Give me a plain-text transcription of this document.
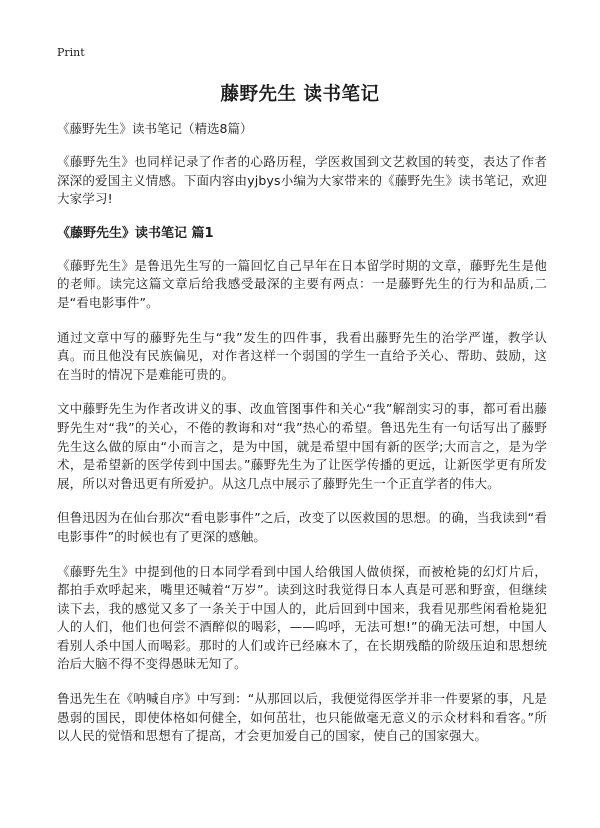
Print
藤野先生 读书笔记
《藤野先生》读书笔记（精选8篇）

《藤野先生》也同样记录了作者的心路历程，学医救国到文艺救国的转变，表达了作者深深的爱国主义情感。下面内容由yjbys小编为大家带来的《藤野先生》读书笔记，欢迎大家学习!

《藤野先生》读书笔记 篇1

《藤野先生》是鲁迅先生写的一篇回忆自己早年在日本留学时期的文章，藤野先生是他的老师。读完这篇文章后给我感受最深的主要有两点：一是藤野先生的行为和品质,二是“看电影事件”。

通过文章中写的藤野先生与“我”发生的四件事，我看出藤野先生的治学严谨，教学认真。而且他没有民族偏见，对作者这样一个弱国的学生一直给予关心、帮助、鼓励，这在当时的情况下是难能可贵的。

文中藤野先生为作者改讲义的事、改血管图事件和关心“我”解剖实习的事，都可看出藤野先生对“我”的关心，不倦的教诲和对“我”热心的希望。鲁迅先生有一句话写出了藤野先生这么做的原由“小而言之，是为中国，就是希望中国有新的医学;大而言之，是为学术，是希望新的医学传到中国去。”藤野先生为了让医学传播的更远，让新医学更有所发展，所以对鲁迅更有所爱护。从这几点中展示了藤野先生一个正直学者的伟大。

但鲁迅因为在仙台那次“看电影事件”之后，改变了以医救国的思想。的确，当我读到“看电影事件”的时候也有了更深的感触。

《藤野先生》中提到他的日本同学看到中国人给俄国人做侦探，而被枪毙的幻灯片后，都拍手欢呼起来，嘴里还喊着“万岁”。读到这时我觉得日本人真是可恶和野蛮，但继续读下去，我的感觉又多了一条关于中国人的，此后回到中国来，我看见那些闲看枪毙犯人的人们，他们也何尝不酒醉似的喝彩，——呜呼，无法可想!”的确无法可想，中国人看别人杀中国人而喝彩。那时的人们或许已经麻木了，在长期残酷的阶级压迫和思想统治后大脑不得不变得愚昧无知了。

鲁迅先生在《呐喊自序》中写到：“从那回以后，我便觉得医学并非一件要紧的事，凡是愚弱的国民，即使体格如何健全，如何茁壮，也只能做毫无意义的示众材料和看客。”所以人民的觉悟和思想有了提高，才会更加爱自己的国家，使自己的国家强大。
